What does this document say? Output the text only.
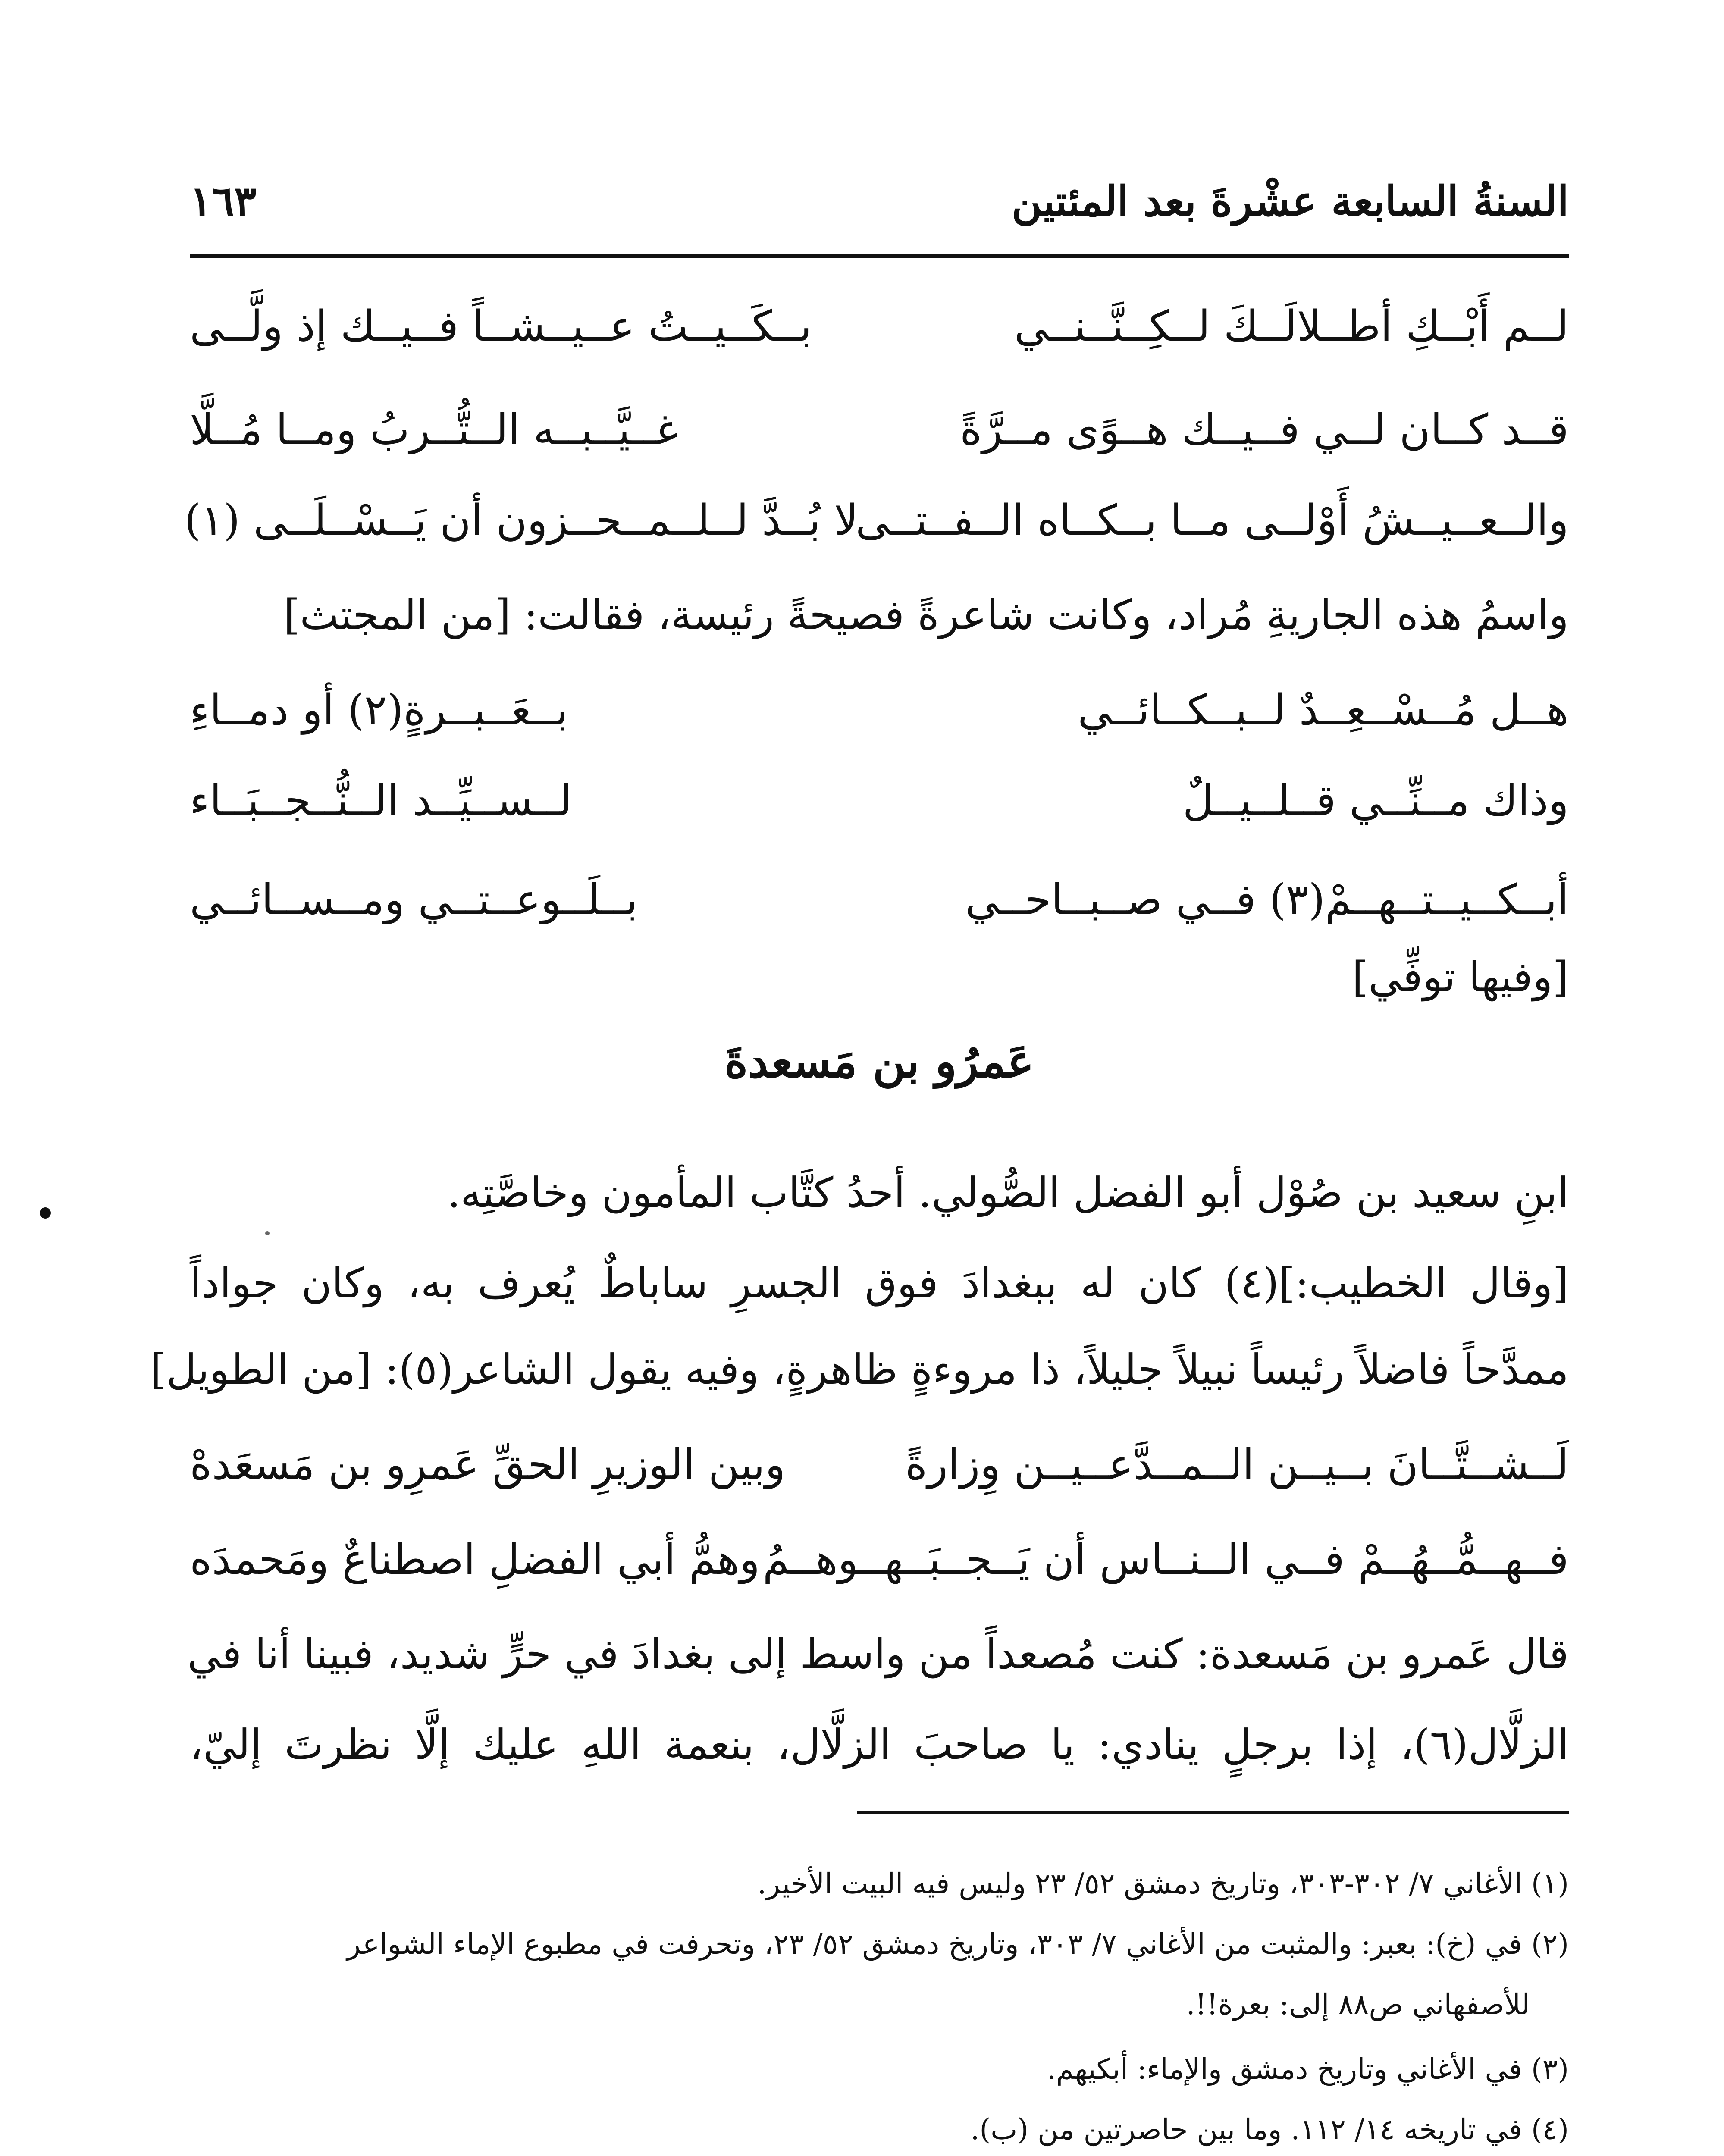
السنةُ السابعة عشْرةَ بعد المئتين
١٦٣
لــم أَبْــكِ أطــلالَــكَ لــكِــنَّــنــي
بــكَــيــتُ عــيــشــاً فــيــك إذ ولَّــى
قــد كــان لــي فــيــك هــوًى مــرَّةً
غــيَّــبــه الــتُّــربُ ومــا مُــلَّا
والــعــيــشُ أَوْلــى مــا بــكــاه الــفــتــى
لا بُــدَّ لــلــمــحــزون أن يَــسْــلَــى (١)
واسمُ هذه الجاريةِ مُراد، وكانت شاعرةً فصيحةً رئيسة، فقالت: [من المجتث]
هــل مُــسْــعِــدٌ لــبــكــائــي
بــعَــبــرةٍ(٢) أو دمــاءِ
وذاك مــنِّــي قــلــيــلٌ
لــســيِّــد الــنُّــجــبَــاء
أبــكــيــتــهــمْ(٣) فــي صــبــاحــي
بــلَــوعــتــي ومــســائــي
[وفيها توفِّي]
عَمرُو بن مَسعدةَ
ابنِ سعيد بن صُوْل أبو الفضل الصُّولي. أحدُ كتَّاب المأمون وخاصَّتِه.
[وقال الخطيب:](٤) كان له ببغدادَ فوق الجسرِ ساباطٌ يُعرف به، وكان جواداً
ممدَّحاً فاضلاً رئيساً نبيلاً جليلاً، ذا مروءةٍ ظاهرةٍ، وفيه يقول الشاعر(٥): [من الطويل]
لَــشــتَّــانَ بــيــن الــمــدَّعــيــن وِزارةً
وبين الوزيرِ الحقِّ عَمرِو بن مَسعَدهْ
فــهــمُّــهُــمْ فــي الــنــاس أن يَــجــبَــهــوهــمُ
وهمُّ أبي الفضلِ اصطناعٌ ومَحمدَه
قال عَمرو بن مَسعدة: كنت مُصعداً من واسط إلى بغدادَ في حرٍّ شديد، فبينا أنا في
الزلَّال(٦)، إذا برجلٍ ينادي: يا صاحبَ الزلَّال، بنعمة اللهِ عليك إلَّا نظرتَ إليّ،
(١) الأغاني ٧/ ٣٠٢-٣٠٣، وتاريخ دمشق ٥٢/ ٢٣ وليس فيه البيت الأخير.
(٢) في (خ): بعبر: والمثبت من الأغاني ٧/ ٣٠٣، وتاريخ دمشق ٥٢/ ٢٣، وتحرفت في مطبوع الإماء الشواعر
للأصفهاني ص٨٨ إلى: بعرة!!.
(٣) في الأغاني وتاريخ دمشق والإماء: أبكيهم.
(٤) في تاريخه ١٤/ ١١٢. وما بين حاصرتين من (ب).
